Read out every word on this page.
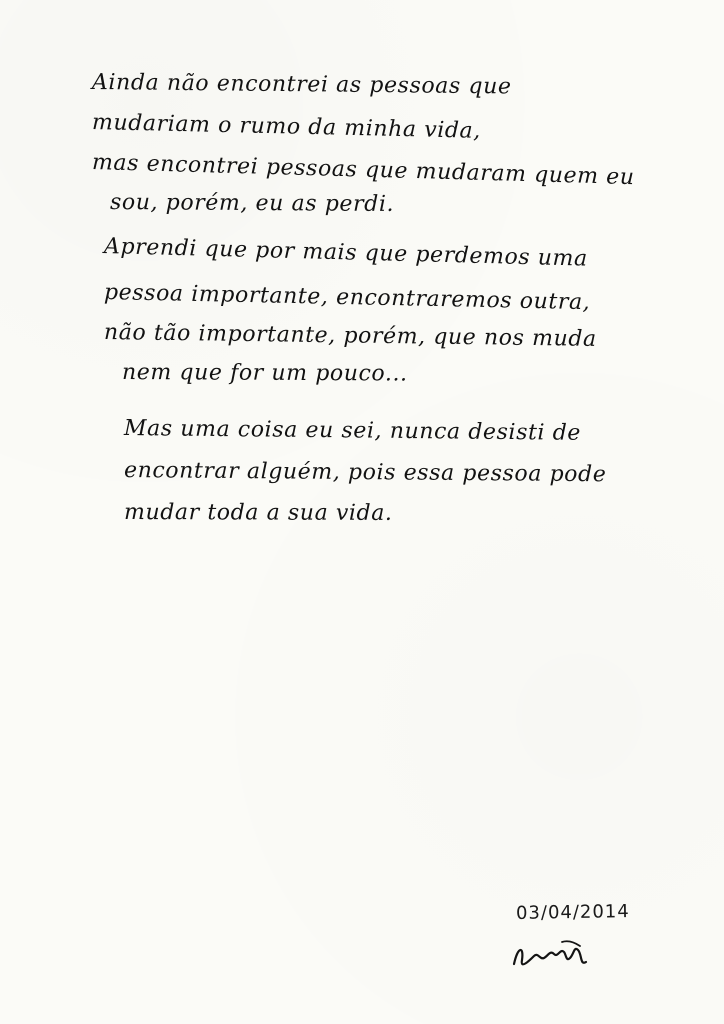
Ainda não encontrei as pessoas que
mudariam o rumo da minha vida,
mas encontrei pessoas que mudaram quem eu
sou, porém, eu as perdi.
Aprendi que por mais que perdemos uma
pessoa importante, encontraremos outra,
não tão importante, porém, que nos muda
nem que for um pouco...
Mas uma coisa eu sei, nunca desisti de
encontrar alguém, pois essa pessoa pode
mudar toda a sua vida.
03/04/2014
